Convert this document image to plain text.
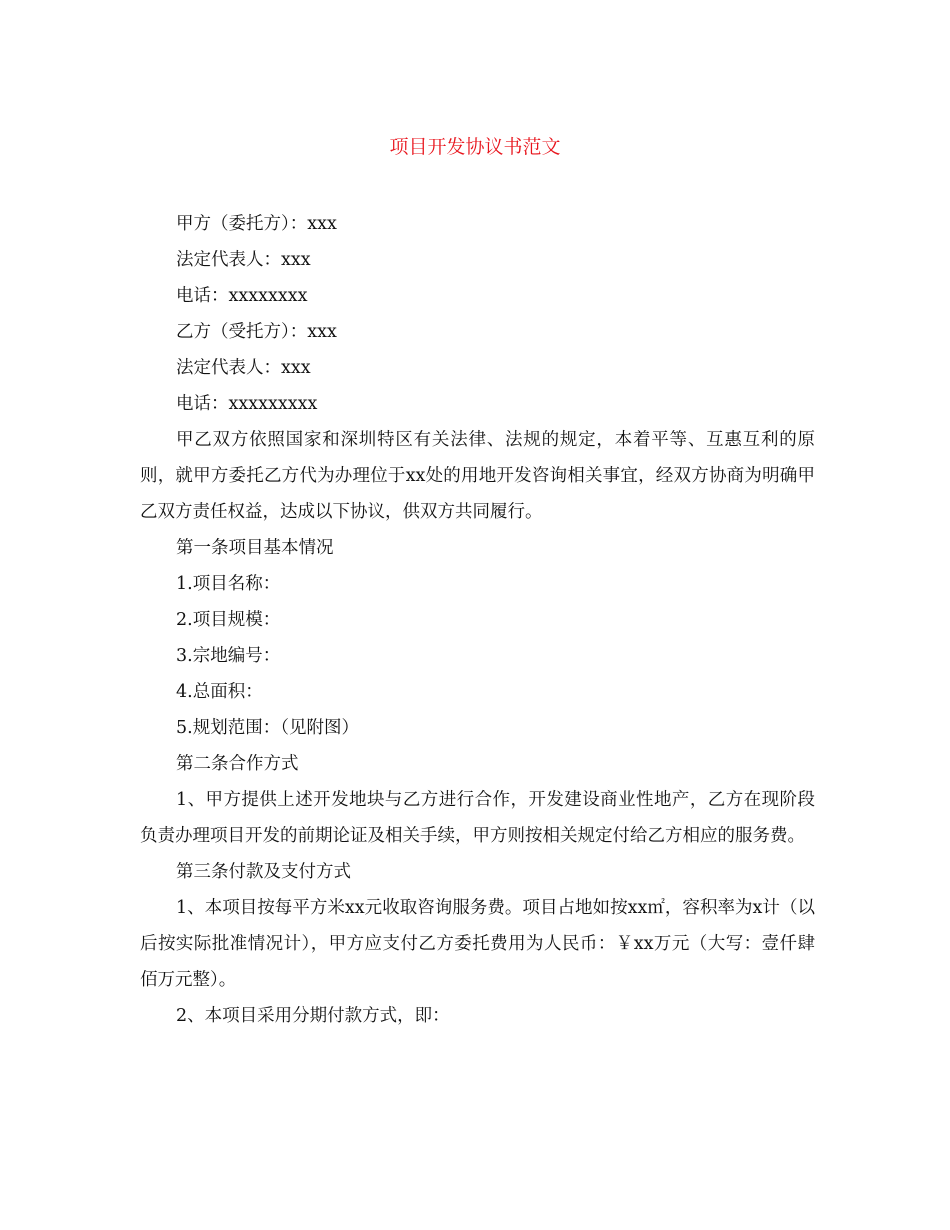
项目开发协议书范文
甲方（委托方）：xxx
法定代表人：xxx
电话：xxxxxxxx
乙方（受托方）：xxx
法定代表人：xxx
电话：xxxxxxxxx
甲乙双方依照国家和深圳特区有关法律、法规的规定，本着平等、互惠互利的原则，就甲方委托乙方代为办理位于xx处的用地开发咨询相关事宜，经双方协商为明确甲乙双方责任权益，达成以下协议，供双方共同履行。
第一条项目基本情况
1.项目名称：
2.项目规模：
3.宗地编号：
4.总面积：
5.规划范围：（见附图）
第二条合作方式
1、甲方提供上述开发地块与乙方进行合作，开发建设商业性地产，乙方在现阶段负责办理项目开发的前期论证及相关手续，甲方则按相关规定付给乙方相应的服务费。
第三条付款及支付方式
1、本项目按每平方米xx元收取咨询服务费。项目占地如按xx㎡，容积率为x计（以后按实际批准情况计），甲方应支付乙方委托费用为人民币：￥xx万元（大写：壹仟肆佰万元整）。
2、本项目采用分期付款方式，即：
